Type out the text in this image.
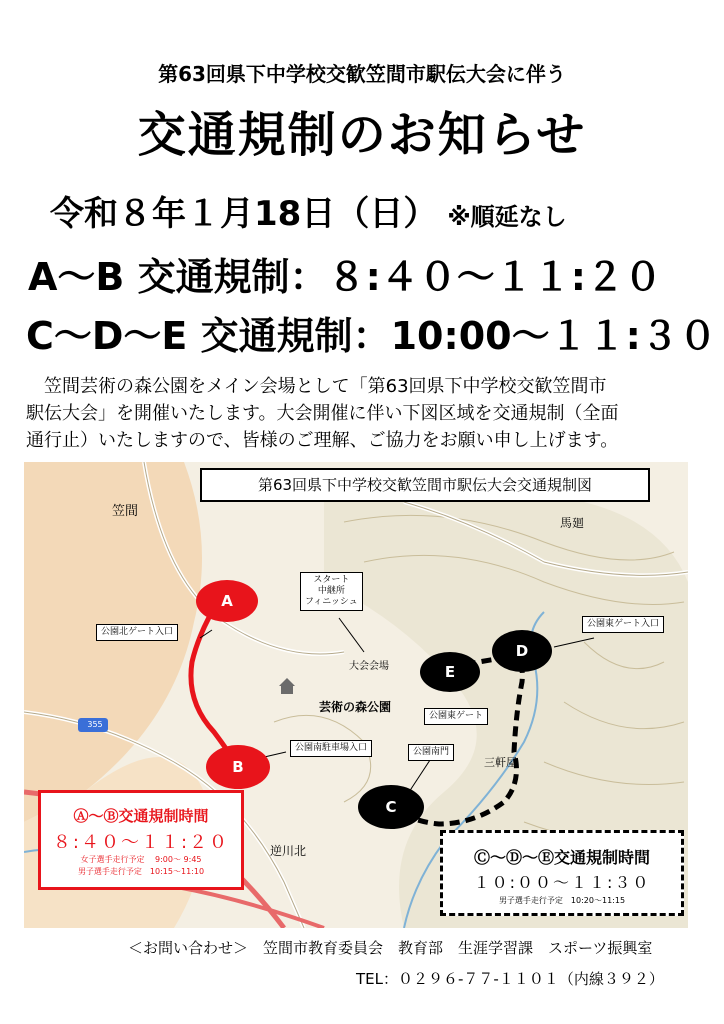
第63回県下中学校交歓笠間市駅伝大会に伴う
交通規制のお知らせ
令和８年１月18日（日） ※順延なし
A～B 交通規制：８:４０～１１:２０
C～D～E 交通規制：10:00～１１:３０

　笠間芸術の森公園をメイン会場として「第63回県下中学校交歓笠間市

駅伝大会」を開催いたします。大会開催に伴い下図区域を交通規制（全面

通行止）いたしますので、皆様のご理解、ご協力をお願い申し上げます。

第63回県下中学校交歓笠間市駅伝大会交通規制図
笠間
馬廻
芸術の森公園
大会会場
三軒屋
逆川北
355
スタート
中継所
フィニッシュ
公園北ゲート入口
公園東ゲート入口
公園東ゲート
公園南駐車場入口	公園南門
A
B
C
D
E
Ⓐ～Ⓑ交通規制時間
８:４０～１１:２０
女子選手走行予定　 9:00～ 9:45
男子選手走行予定　10:15～11:10
Ⓒ～Ⓓ～Ⓔ交通規制時間
１０:００～１１:３０
男子選手走行予定　10:20～11:15
＜お問い合わせ＞　笠間市教育委員会　教育部　生涯学習課　スポーツ振興室
TEL：０２９６-７７-１１０１（内線３９２）
